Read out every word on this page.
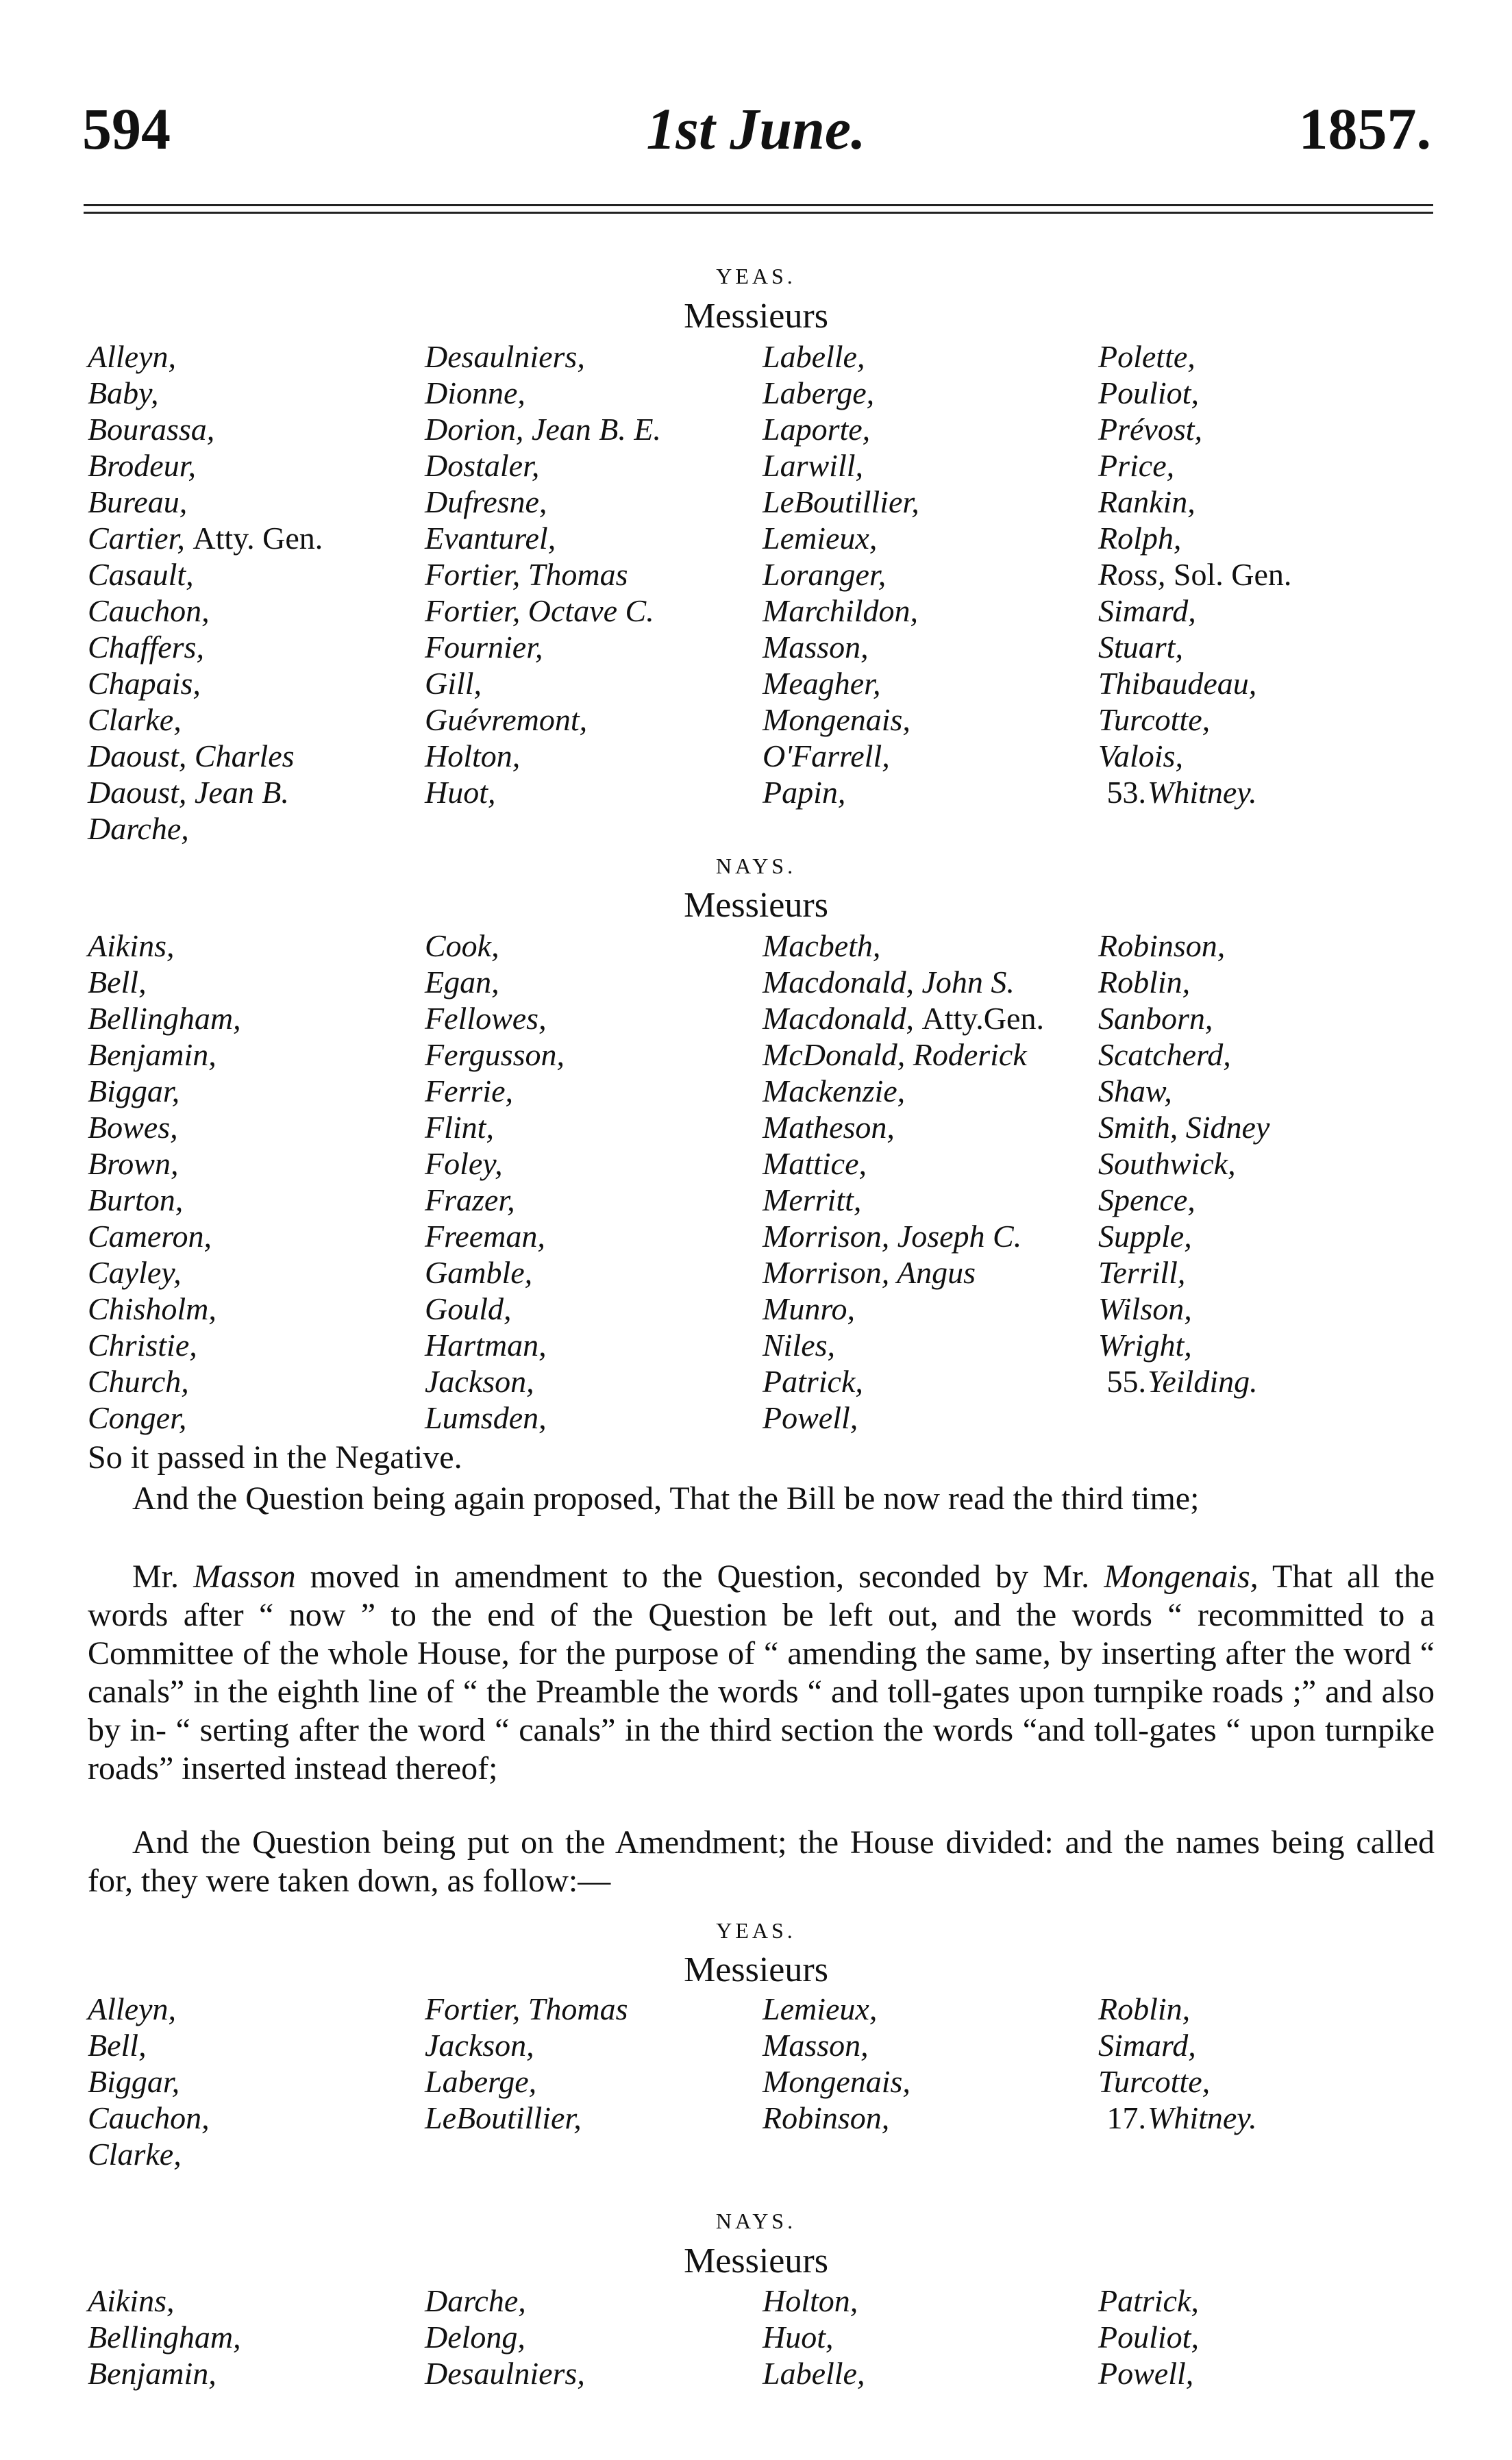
594	1st June.	1857.
YEAS.
Messieurs
Alleyn,
Baby,
Bourassa,
Brodeur,
Bureau,
Cartier, Atty. Gen.
Casault,
Cauchon,
Chaffers,
Chapais,
Clarke,
Daoust, Charles
Daoust, Jean B.
Darche,
Desaulniers,
Dionne,
Dorion, Jean B. E.
Dostaler,
Dufresne,
Evanturel,
Fortier, Thomas
Fortier, Octave C.
Fournier,
Gill,
Guévremont,
Holton,
Huot,
Labelle,
Laberge,
Laporte,
Larwill,
LeBoutillier,
Lemieux,
Loranger,
Marchildon,
Masson,
Meagher,
Mongenais,
O'Farrell,
Papin,
Polette,
Pouliot,
Prévost,
Price,
Rankin,
Rolph,
Ross, Sol. Gen.
Simard,
Stuart,
Thibaudeau,
Turcotte,
Valois,
53.Whitney.
NAYS.
Messieurs
Aikins,
Bell,
Bellingham,
Benjamin,
Biggar,
Bowes,
Brown,
Burton,
Cameron,
Cayley,
Chisholm,
Christie,
Church,
Conger,
Cook,
Egan,
Fellowes,
Fergusson,
Ferrie,
Flint,
Foley,
Frazer,
Freeman,
Gamble,
Gould,
Hartman,
Jackson,
Lumsden,
Macbeth,
Macdonald, John S.
Macdonald, Atty.Gen.
McDonald, Roderick
Mackenzie,
Matheson,
Mattice,
Merritt,
Morrison, Joseph C.
Morrison, Angus
Munro,
Niles,
Patrick,
Powell,
Robinson,
Roblin,
Sanborn,
Scatcherd,
Shaw,
Smith, Sidney
Southwick,
Spence,
Supple,
Terrill,
Wilson,
Wright,
55.Yeilding.
So it passed in the Negative.
And the Question being again proposed, That the Bill be now read the third time;
Mr. Masson moved in amendment to the Question, seconded by Mr. Mongenais, That all the words after “ now ” to the end of the Question be left out, and the words “ recommitted to a Committee of the whole House, for the purpose of “ amending the same, by inserting after the word “ canals” in the eighth line of “ the Preamble the words “ and toll-gates upon turnpike roads ;” and also by in- “ serting after the word “ canals” in the third section the words “and toll-gates “ upon turnpike roads” inserted instead thereof;
And the Question being put on the Amendment; the House divided: and the names being called for, they were taken down, as follow:—
YEAS.
Messieurs
Alleyn,
Bell,
Biggar,
Cauchon,
Clarke,
Fortier, Thomas
Jackson,
Laberge,
LeBoutillier,
Lemieux,
Masson,
Mongenais,
Robinson,
Roblin,
Simard,
Turcotte,
17.Whitney.
NAYS.
Messieurs
Aikins,
Bellingham,
Benjamin,
Darche,
Delong,
Desaulniers,
Holton,
Huot,
Labelle,
Patrick,
Pouliot,
Powell,
